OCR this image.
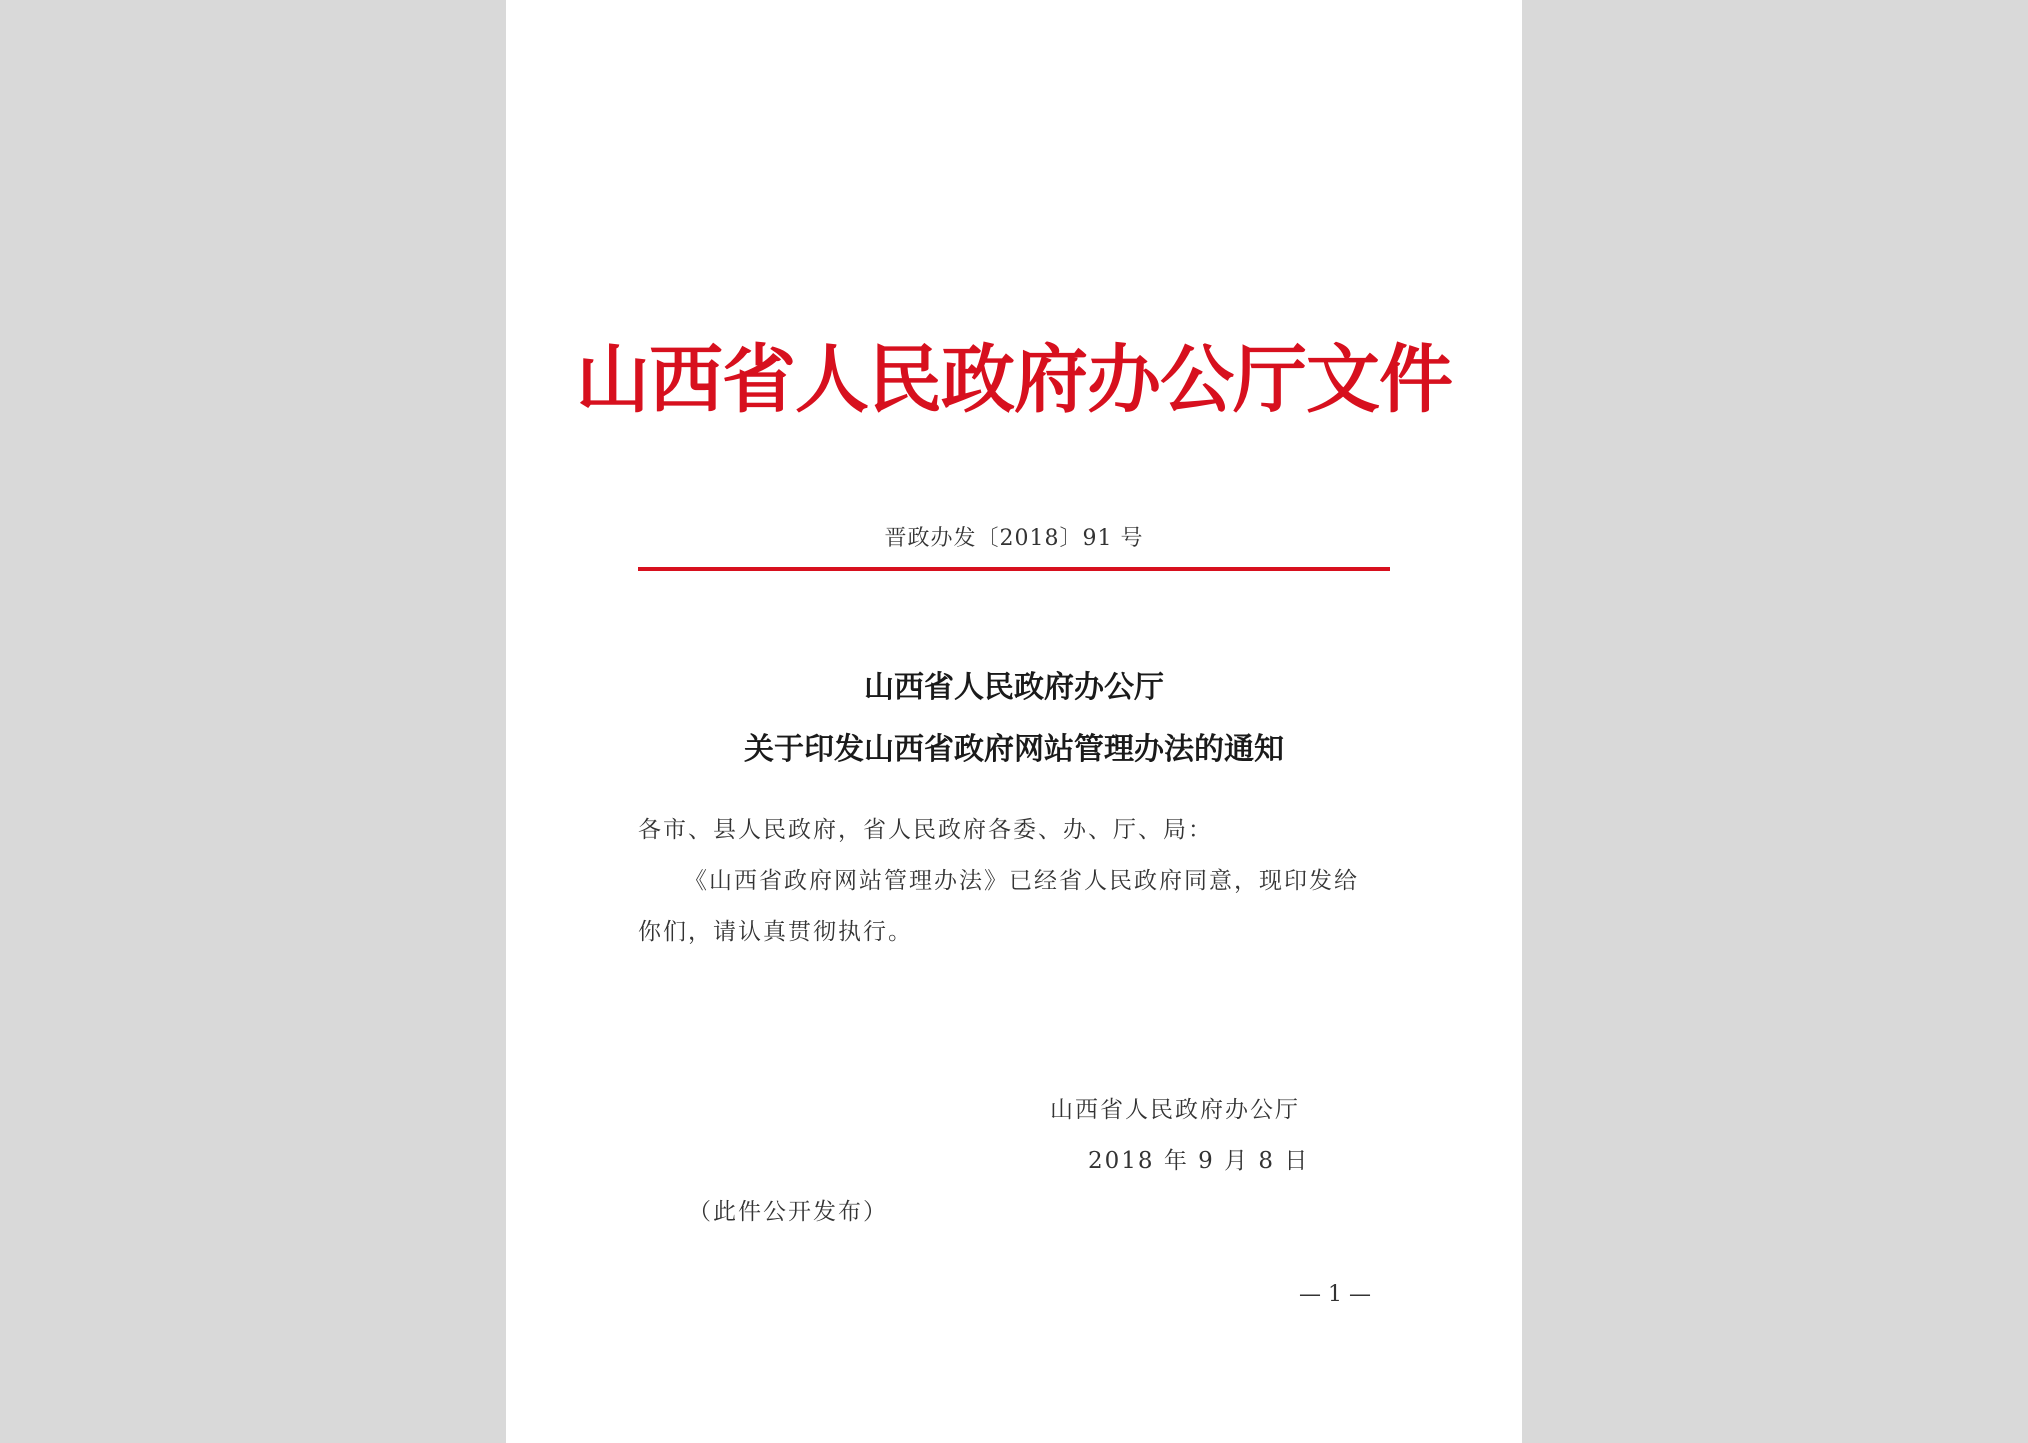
山西省人民政府办公厅文件
晋政办发〔2018〕91 号
山西省人民政府办公厅
关于印发山西省政府网站管理办法的通知
各市、县人民政府，省人民政府各委、办、厅、局：
《山西省政府网站管理办法》已经省人民政府同意，现印发给
你们，请认真贯彻执行。
山西省人民政府办公厅
2018 年 9 月 8 日
（此件公开发布）
— 1 —
